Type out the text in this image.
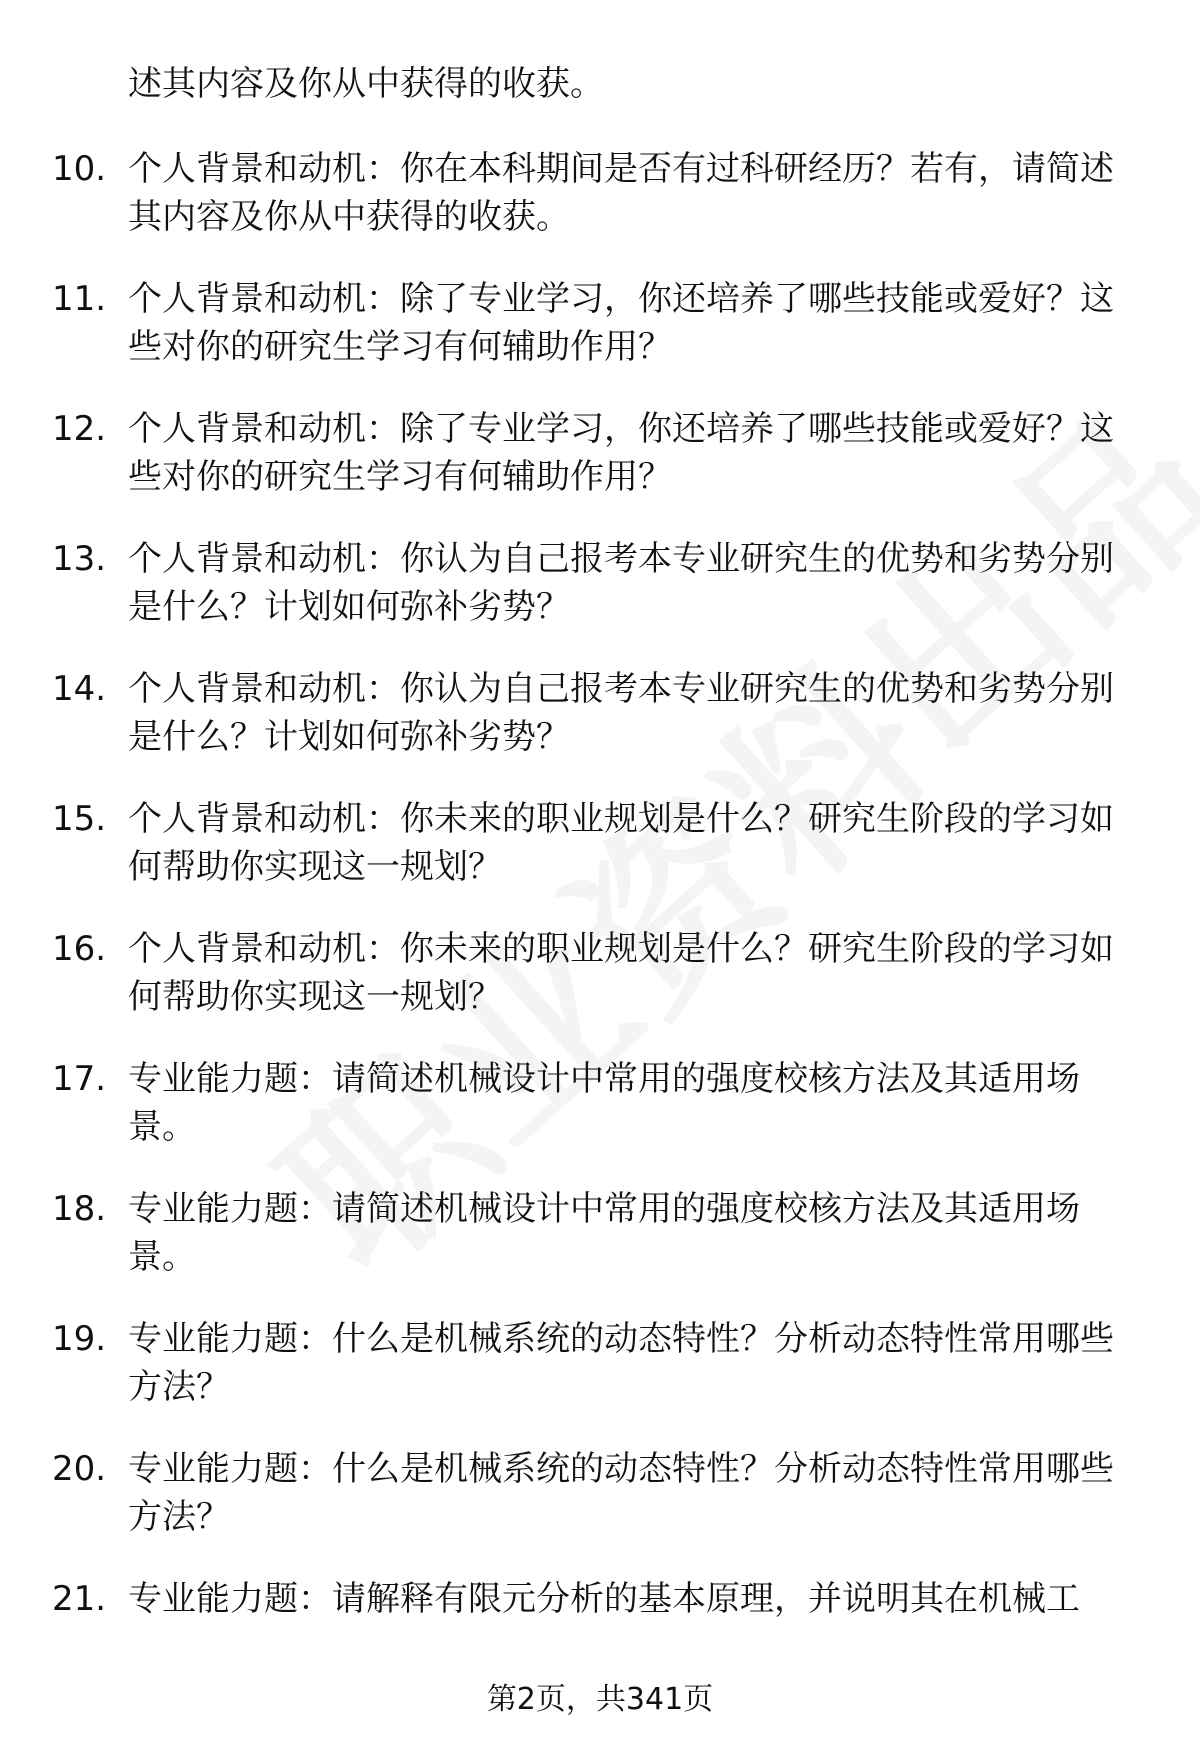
述其内容及你从中获得的收获。
10. 个人背景和动机：你在本科期间是否有过科研经历？若有，请简述其内容及你从中获得的收获。
11. 个人背景和动机：除了专业学习，你还培养了哪些技能或爱好？这些对你的研究生学习有何辅助作用？
12. 个人背景和动机：除了专业学习，你还培养了哪些技能或爱好？这些对你的研究生学习有何辅助作用？
13. 个人背景和动机：你认为自己报考本专业研究生的优势和劣势分别是什么？计划如何弥补劣势？
14. 个人背景和动机：你认为自己报考本专业研究生的优势和劣势分别是什么？计划如何弥补劣势？
15. 个人背景和动机：你未来的职业规划是什么？研究生阶段的学习如何帮助你实现这一规划？
16. 个人背景和动机：你未来的职业规划是什么？研究生阶段的学习如何帮助你实现这一规划？
17. 专业能力题：请简述机械设计中常用的强度校核方法及其适用场景。
18. 专业能力题：请简述机械设计中常用的强度校核方法及其适用场景。
19. 专业能力题：什么是机械系统的动态特性？分析动态特性常用哪些方法？
20. 专业能力题：什么是机械系统的动态特性？分析动态特性常用哪些方法？
21. 专业能力题：请解释有限元分析的基本原理，并说明其在机械工
第2页，共341页
